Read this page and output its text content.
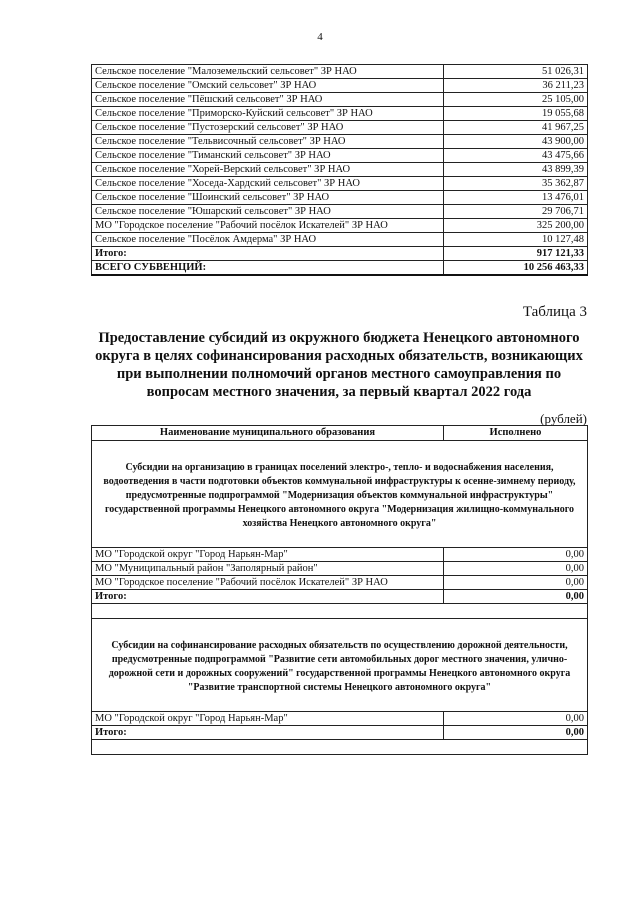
4
Сельское поселение "Малоземельский сельсовет" ЗР НАО	51 026,31
Сельское поселение "Омский сельсовет" ЗР НАО	36 211,23
Сельское поселение "Пёшский сельсовет" ЗР НАО	25 105,00
Сельское поселение "Приморско-Куйский сельсовет" ЗР НАО	19 055,68
Сельское поселение "Пустозерский сельсовет" ЗР НАО	41 967,25
Сельское поселение "Тельвисочный сельсовет" ЗР НАО	43 900,00
Сельское поселение "Тиманский сельсовет" ЗР НАО	43 475,66
Сельское поселение "Хорей-Верский сельсовет" ЗР НАО	43 899,39
Сельское поселение "Хоседа-Хардский сельсовет" ЗР НАО	35 362,87
Сельское поселение "Шоинский сельсовет" ЗР НАО	13 476,01
Сельское поселение "Юшарский сельсовет" ЗР НАО	29 706,71
МО "Городское поселение "Рабочий посёлок Искателей" ЗР НАО	325 200,00
Сельское поселение "Посёлок Амдерма" ЗР НАО	10 127,48
Итого:	917 121,33
ВСЕГО СУБВЕНЦИЙ:	10 256 463,33
Таблица 3
Предоставление субсидий из окружного бюджета Ненецкого автономного
округа в целях софинансирования расходных обязательств, возникающих
при выполнении полномочий органов местного самоуправления по
вопросам местного значения, за первый квартал 2022 года
(рублей)
Наименование муниципального образования	Исполнено
Субсидии на организацию в границах поселений электро-, тепло- и водоснабжения населения, водоотведения в части подготовки объектов коммунальной инфраструктуры к осенне-зимнему периоду, предусмотренные подпрограммой "Модернизация объектов коммунальной инфраструктуры" государственной программы Ненецкого автономного округа "Модернизация жилищно-коммунального хозяйства Ненецкого автономного округа"	
МО "Городской округ "Город Нарьян-Мар"	0,00
МО "Муниципальный район "Заполярный район"	0,00
МО "Городское поселение "Рабочий посёлок Искателей" ЗР НАО	0,00
Итого:	0,00

Субсидии на софинансирование расходных обязательств по осуществлению дорожной деятельности, предусмотренные подпрограммой "Развитие сети автомобильных дорог местного значения, улично-дорожной сети и дорожных сооружений" государственной программы Ненецкого автономного округа "Развитие транспортной системы Ненецкого автономного округа"	
МО "Городской округ "Город Нарьян-Мар"	0,00
Итого:	0,00
